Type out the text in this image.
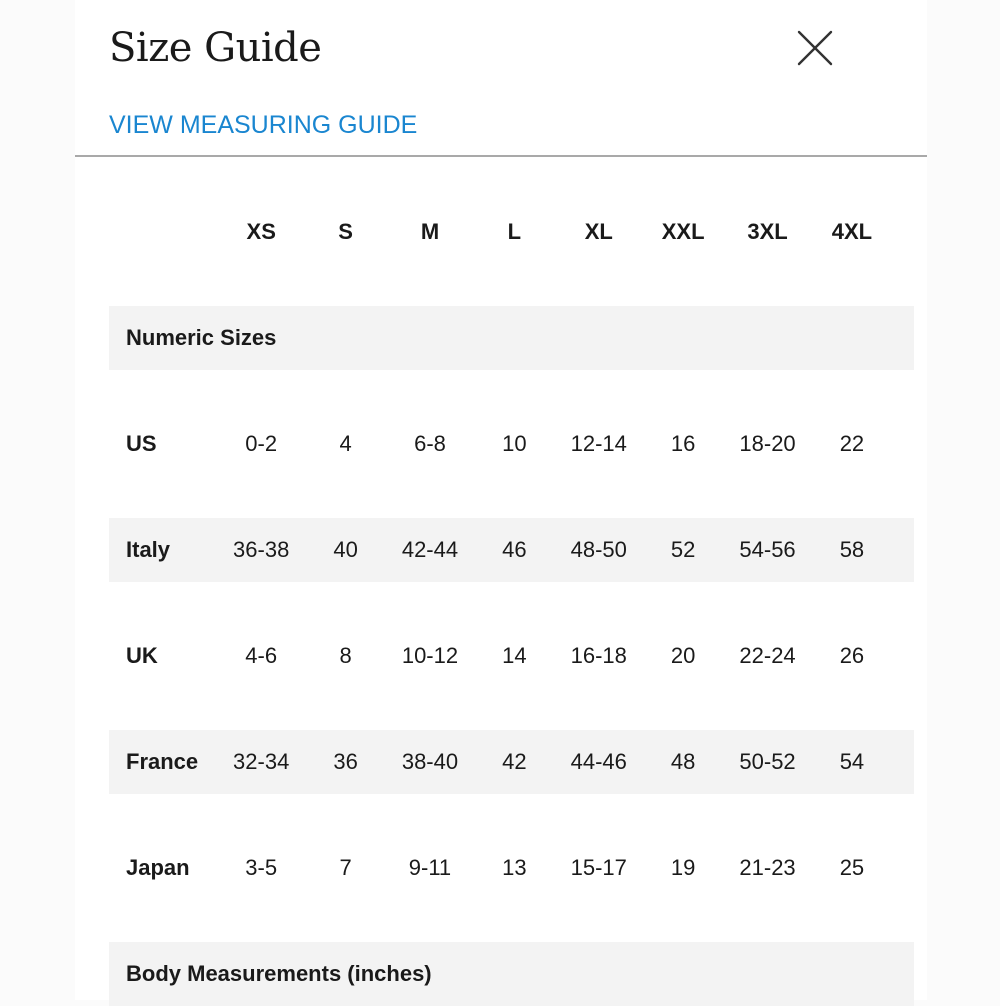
Size Guide
VIEW MEASURING GUIDE
XS	S	M	L	XL	XXL	3XL	4XL
Numeric Sizes
US	0-2	4	6-8	10	12-14	16	18-20	22
Italy	36-38	40	42-44	46	48-50	52	54-56	58
UK	4-6	8	10-12	14	16-18	20	22-24	26
France	32-34	36	38-40	42	44-46	48	50-52	54
Japan	3-5	7	9-11	13	15-17	19	21-23	25
Body Measurements (inches)
